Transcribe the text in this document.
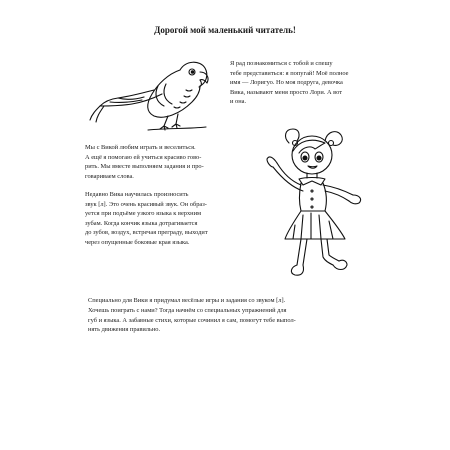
Дорогой мой маленький читатель!
Я рад познакомиться с тобой и спешу
тебе представиться: я попугай! Моё полное
имя — Лоригуо. Но моя подруга, девочка
Вика, называют меня просто Лори. А вот
и она.
Мы с Викой любим играть и веселиться.
А ещё я помогаю ей учиться красиво гово-
рить. Мы вместе выполняем задания и про-
говариваем слова.
Недавно Вика научилась произносить
звук [л]. Это очень красивый звук. Он образ-
уется при подъёме узкого языка к верхним
зубам. Когда кончик языка дотрагивается
до зубов, воздух, встречая преграду, выходит
через опущенные боковые края языка.
Специально для Вики я придумал весёлые игры и задания со звуком [л].
Хочешь поиграть с нами? Тогда начнём со специальных упражнений для
губ и языка. А забавные стихи, которые сочинил я сам, помогут тебе выпол-
нять движения правильно.
